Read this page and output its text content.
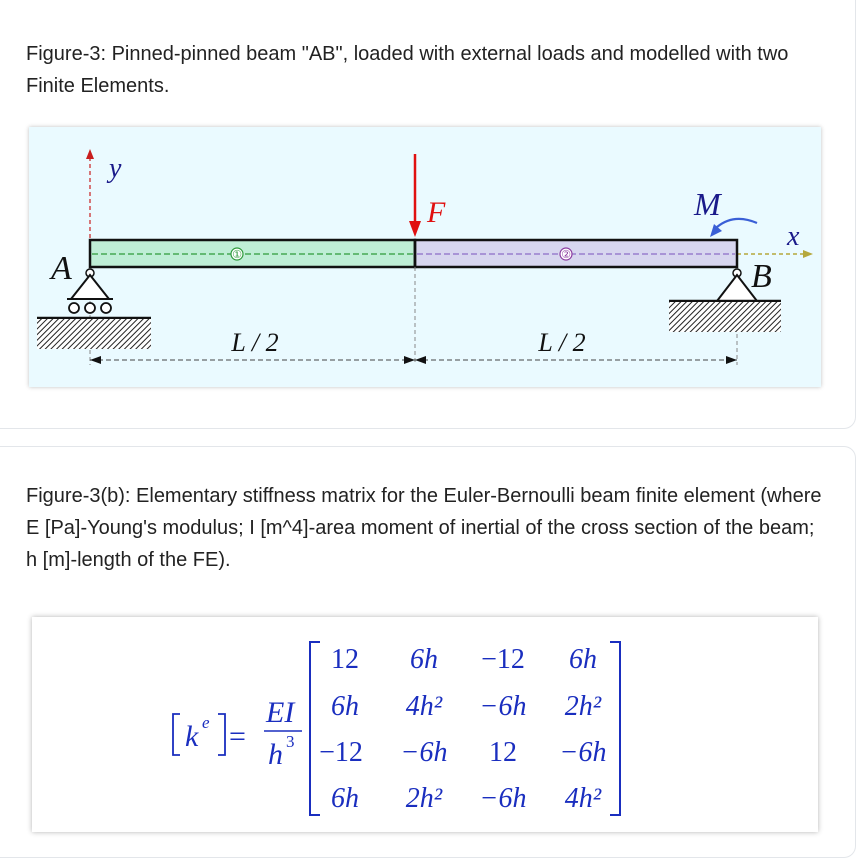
Figure-3: Pinned-pinned beam "AB", loaded with external loads and modelled with two Finite Elements.

y
x
①	②
F	M
A	B
L / 2	L / 2

Figure-3(b): Elementary stiffness matrix for the Euler-Bernoulli beam finite element (where E [Pa]-Young's modulus; I [m^4]-area moment of inertial of the cross section of the beam; h [m]-length of the FE).

k e =
EI
h 3
12 6h −12 6h
6h 4h² −6h 2h²
−12 −6h 12 −6h
6h 2h² −6h 4h²
